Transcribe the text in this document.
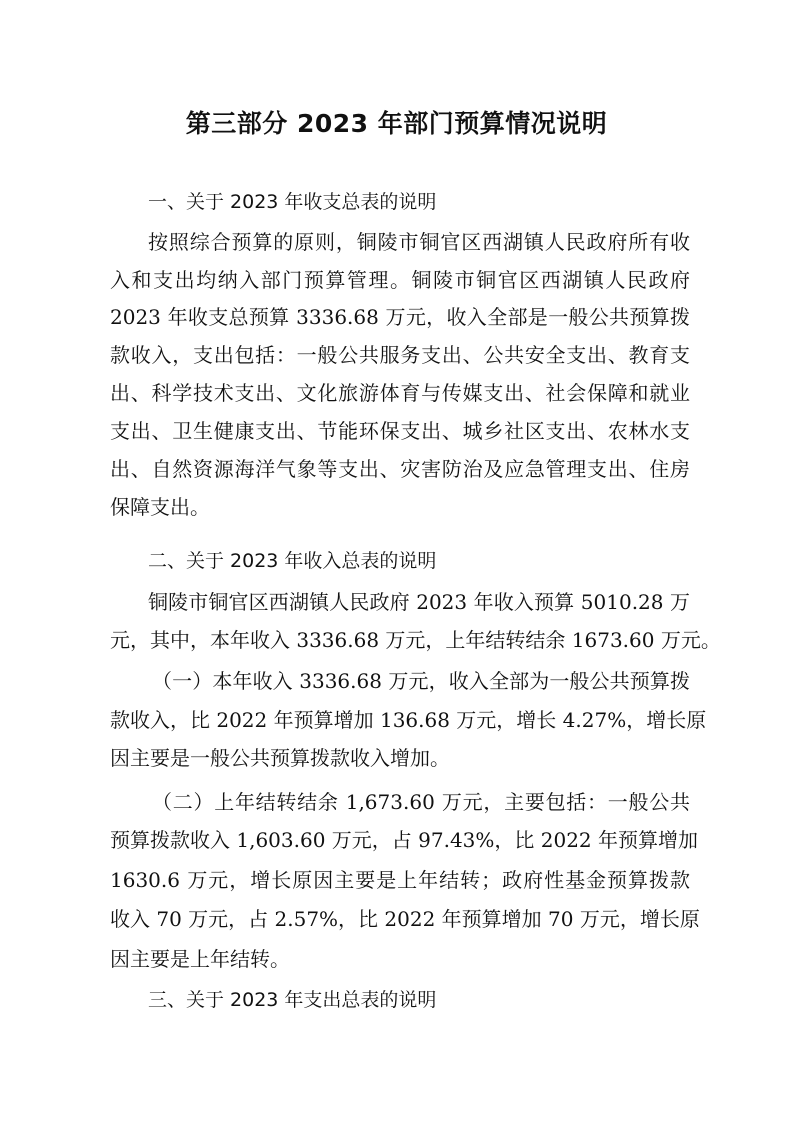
第三部分 2023 年部门预算情况说明
一、关于 2023 年收支总表的说明
按照综合预算的原则，铜陵市铜官区西湖镇人民政府所有收
入和支出均纳入部门预算管理。铜陵市铜官区西湖镇人民政府
2023 年收支总预算 3336.68 万元，收入全部是一般公共预算拨
款收入，支出包括：一般公共服务支出、公共安全支出、教育支
出、科学技术支出、文化旅游体育与传媒支出、社会保障和就业
支出、卫生健康支出、节能环保支出、城乡社区支出、农林水支
出、自然资源海洋气象等支出、灾害防治及应急管理支出、住房
保障支出。
二、关于 2023 年收入总表的说明
铜陵市铜官区西湖镇人民政府 2023 年收入预算 5010.28 万
元，其中，本年收入 3336.68 万元，上年结转结余 1673.60 万元。
（一）本年收入 3336.68 万元，收入全部为一般公共预算拨
款收入，比 2022 年预算增加 136.68 万元，增长 4.27%，增长原
因主要是一般公共预算拨款收入增加。
（二）上年结转结余 1,673.60 万元，主要包括：一般公共
预算拨款收入 1,603.60 万元，占 97.43%，比 2022 年预算增加
1630.6 万元，增长原因主要是上年结转；政府性基金预算拨款
收入 70 万元，占 2.57%，比 2022 年预算增加 70 万元，增长原
因主要是上年结转。
三、关于 2023 年支出总表的说明
